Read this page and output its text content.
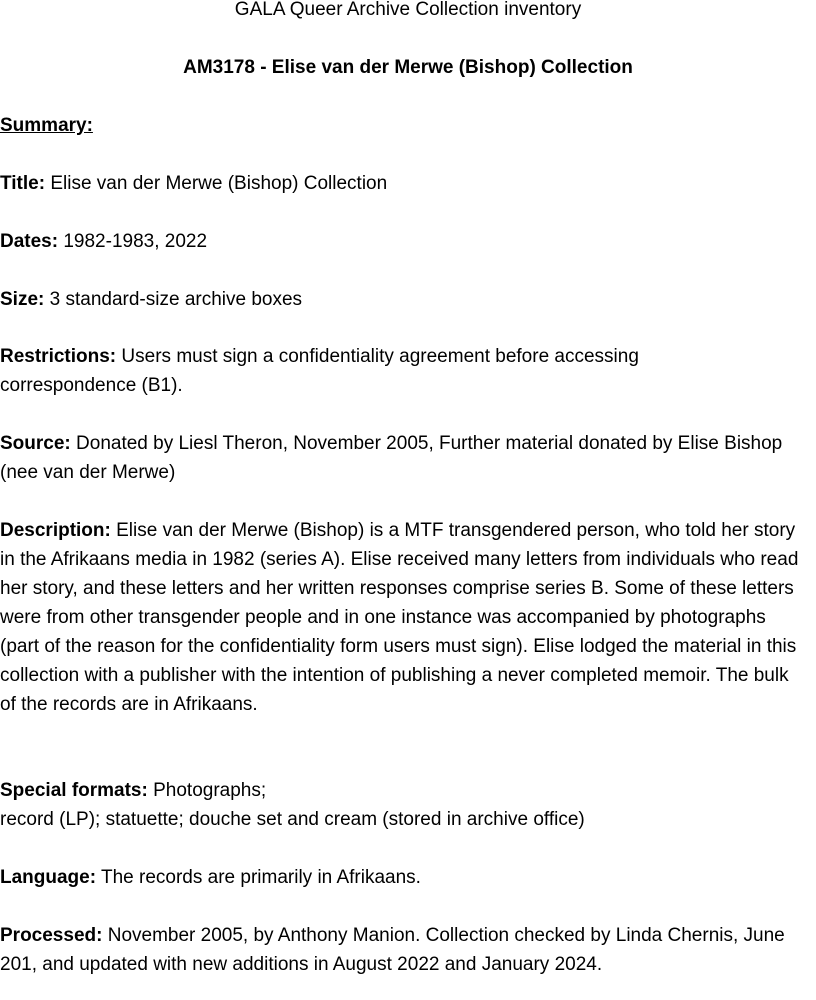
GALA Queer Archive Collection inventory
AM3178 - Elise van der Merwe (Bishop) Collection
Summary:
Title: Elise van der Merwe (Bishop) Collection
Dates: 1982-1983, 2022
Size: 3 standard-size archive boxes
Restrictions: Users must sign a confidentiality agreement before accessing correspondence (B1).
Source: Donated by Liesl Theron, November 2005, Further material donated by Elise Bishop (nee van der Merwe)
Description: Elise van der Merwe (Bishop) is a MTF transgendered person, who told her story in the Afrikaans media in 1982 (series A). Elise received many letters from individuals who read her story, and these letters and her written responses comprise series B. Some of these letters were from other transgender people and in one instance was accompanied by photographs (part of the reason for the confidentiality form users must sign). Elise lodged the material in this collection with a publisher with the intention of publishing a never completed memoir. The bulk of the records are in Afrikaans.
Special formats: Photographs;
record (LP); statuette; douche set and cream (stored in archive office)
Language: The records are primarily in Afrikaans.
Processed: November 2005, by Anthony Manion. Collection checked by Linda Chernis, June 201, and updated with new additions in August 2022 and January 2024.
